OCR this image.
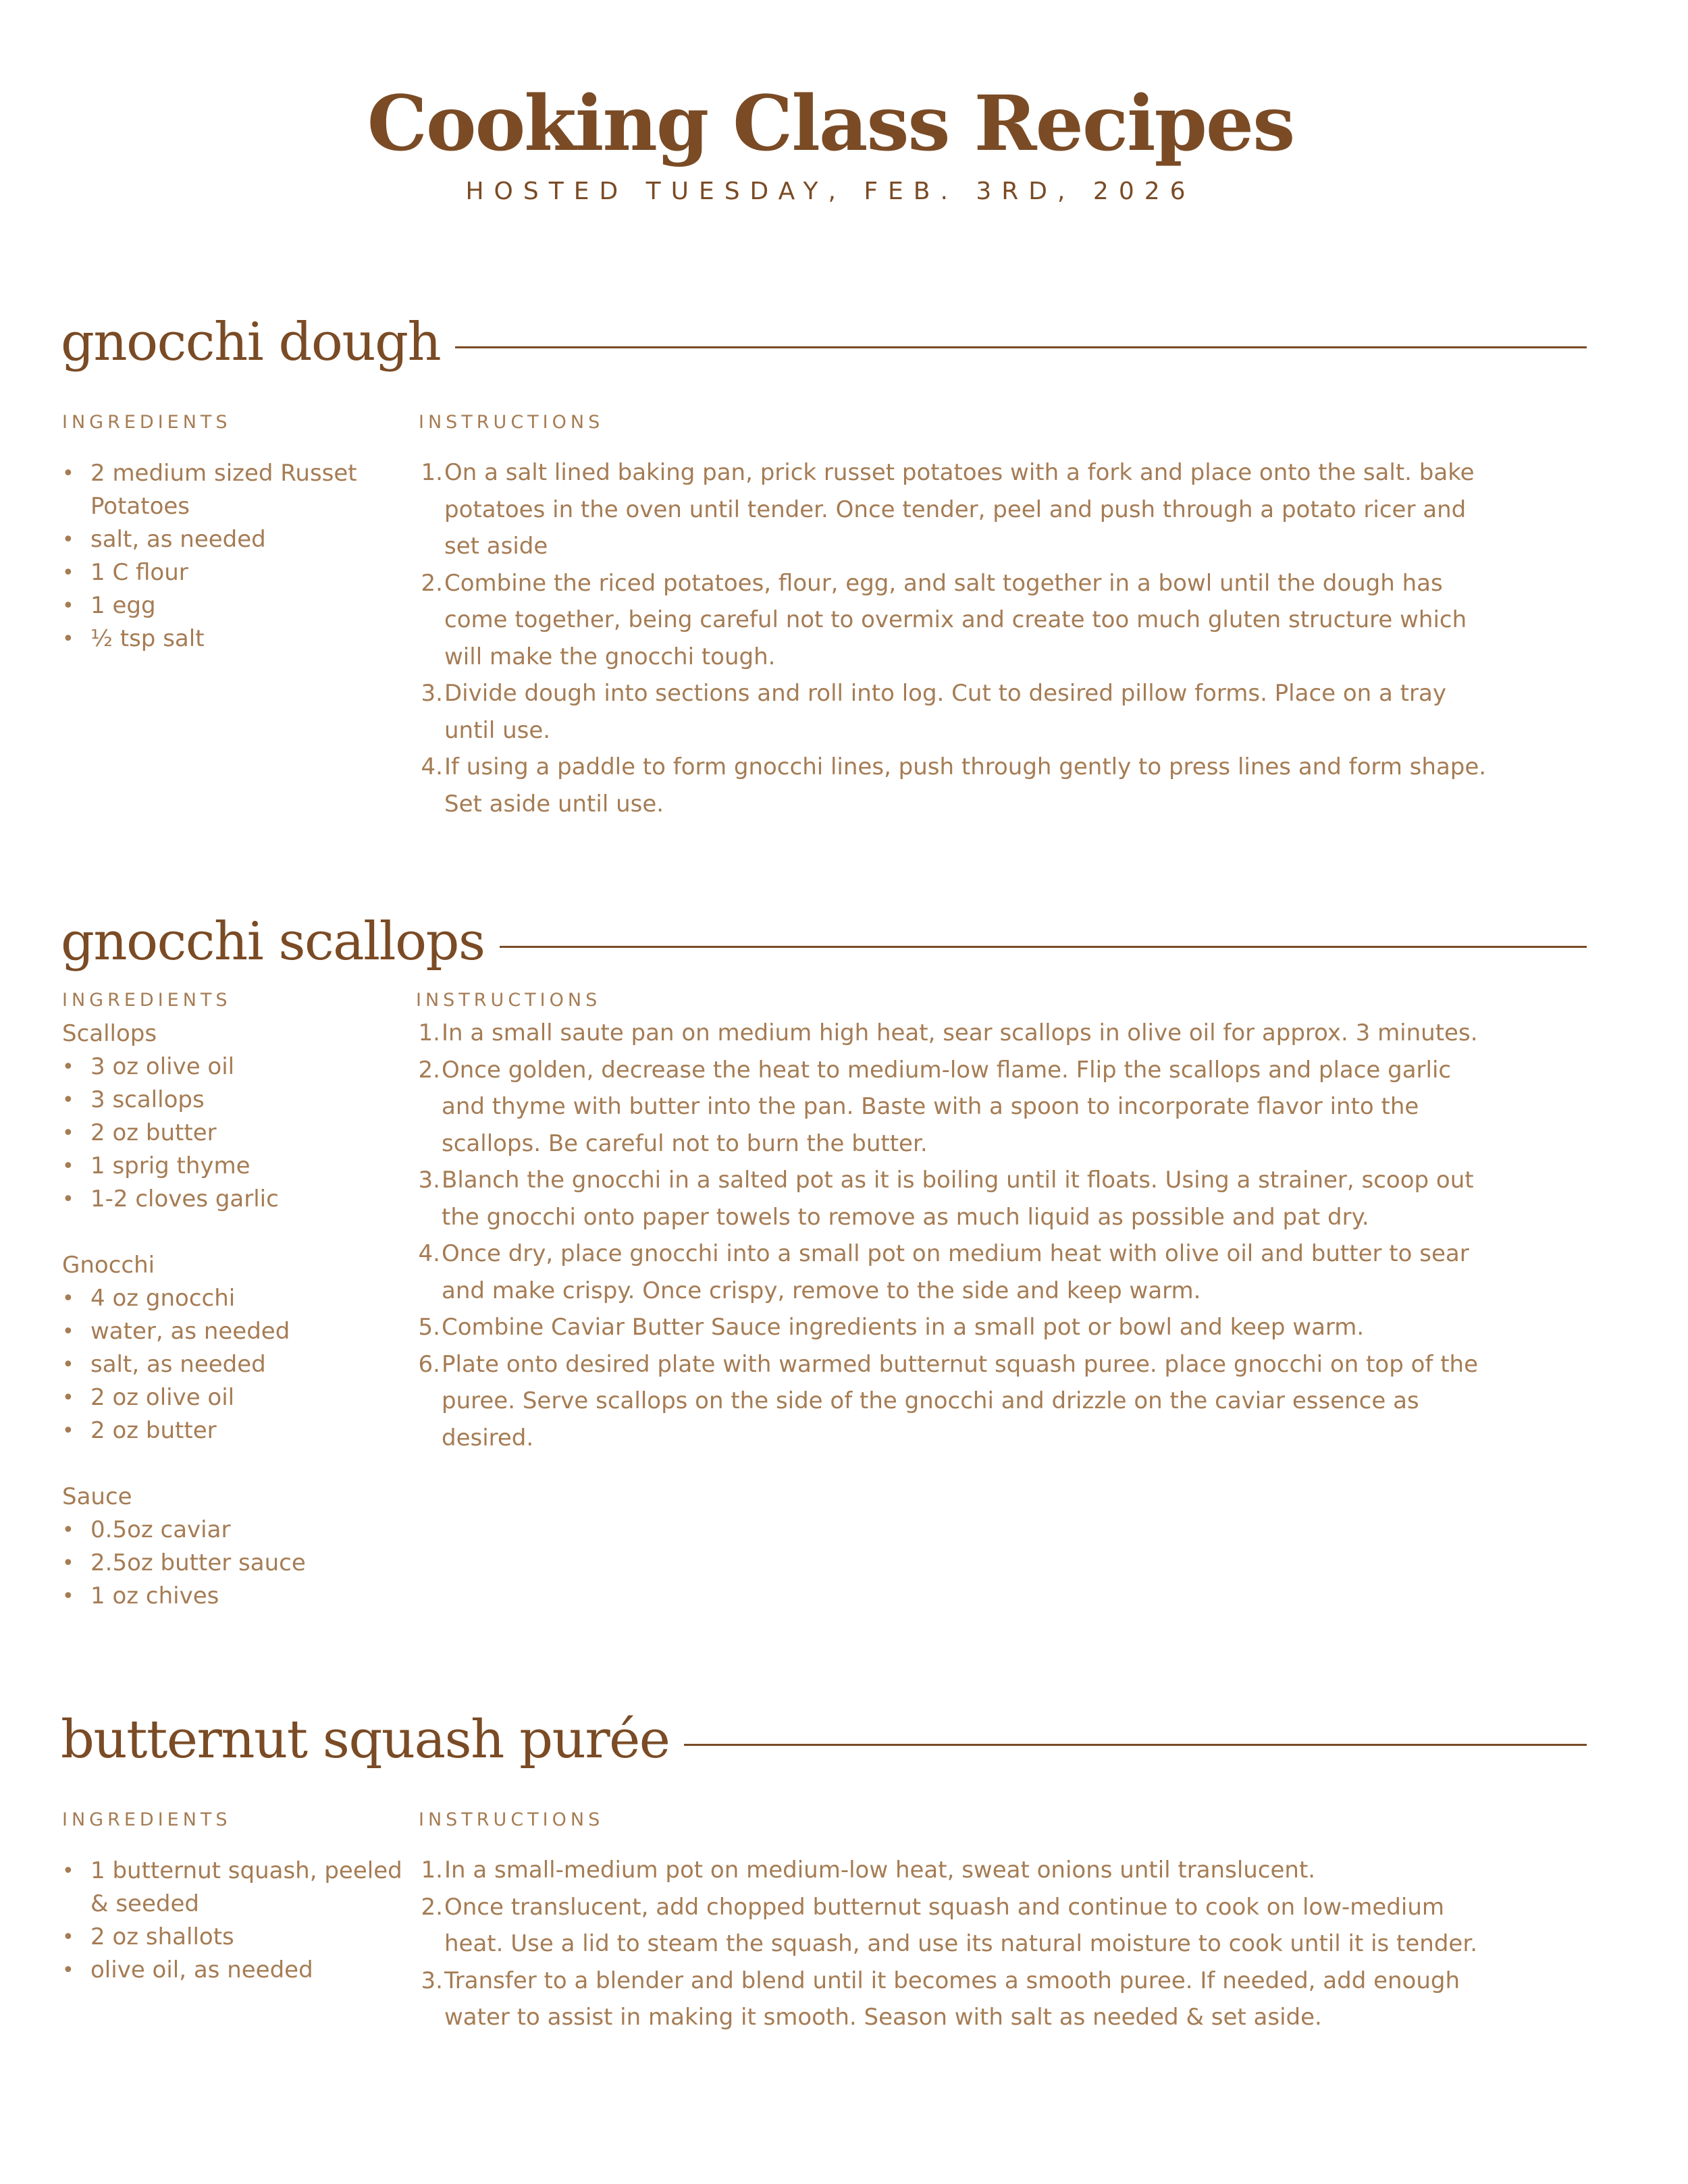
Cooking Class Recipes
HOSTED TUESDAY, FEB. 3RD, 2026
gnocchi dough
INGREDIENTS
• 2 medium sized Russet Potatoes
• salt, as needed
• 1 C flour
• 1 egg
• ½ tsp salt
INSTRUCTIONS
1. On a salt lined baking pan, prick russet potatoes with a fork and place onto the salt. bake potatoes in the oven until tender. Once tender, peel and push through a potato ricer and set aside
2. Combine the riced potatoes, flour, egg, and salt together in a bowl until the dough has come together, being careful not to overmix and create too much gluten structure which will make the gnocchi tough.
3. Divide dough into sections and roll into log. Cut to desired pillow forms. Place on a tray until use.
4. If using a paddle to form gnocchi lines, push through gently to press lines and form shape. Set aside until use.
gnocchi scallops
INGREDIENTS
Scallops
• 3 oz olive oil
• 3 scallops
• 2 oz butter
• 1 sprig thyme
• 1-2 cloves garlic
Gnocchi
• 4 oz gnocchi
• water, as needed
• salt, as needed
• 2 oz olive oil
• 2 oz butter
Sauce
• 0.5oz caviar
• 2.5oz butter sauce
• 1 oz chives
INSTRUCTIONS
1. In a small saute pan on medium high heat, sear scallops in olive oil for approx. 3 minutes.
2. Once golden, decrease the heat to medium-low flame. Flip the scallops and place garlic and thyme with butter into the pan. Baste with a spoon to incorporate flavor into the scallops. Be careful not to burn the butter.
3. Blanch the gnocchi in a salted pot as it is boiling until it floats. Using a strainer, scoop out the gnocchi onto paper towels to remove as much liquid as possible and pat dry.
4. Once dry, place gnocchi into a small pot on medium heat with olive oil and butter to sear and make crispy. Once crispy, remove to the side and keep warm.
5. Combine Caviar Butter Sauce ingredients in a small pot or bowl and keep warm.
6. Plate onto desired plate with warmed butternut squash puree. place gnocchi on top of the puree. Serve scallops on the side of the gnocchi and drizzle on the caviar essence as desired.
butternut squash purée
INGREDIENTS
• 1 butternut squash, peeled & seeded
• 2 oz shallots
• olive oil, as needed
INSTRUCTIONS
1. In a small-medium pot on medium-low heat, sweat onions until translucent.
2. Once translucent, add chopped butternut squash and continue to cook on low-medium heat. Use a lid to steam the squash, and use its natural moisture to cook until it is tender.
3. Transfer to a blender and blend until it becomes a smooth puree. If needed, add enough water to assist in making it smooth. Season with salt as needed & set aside.
